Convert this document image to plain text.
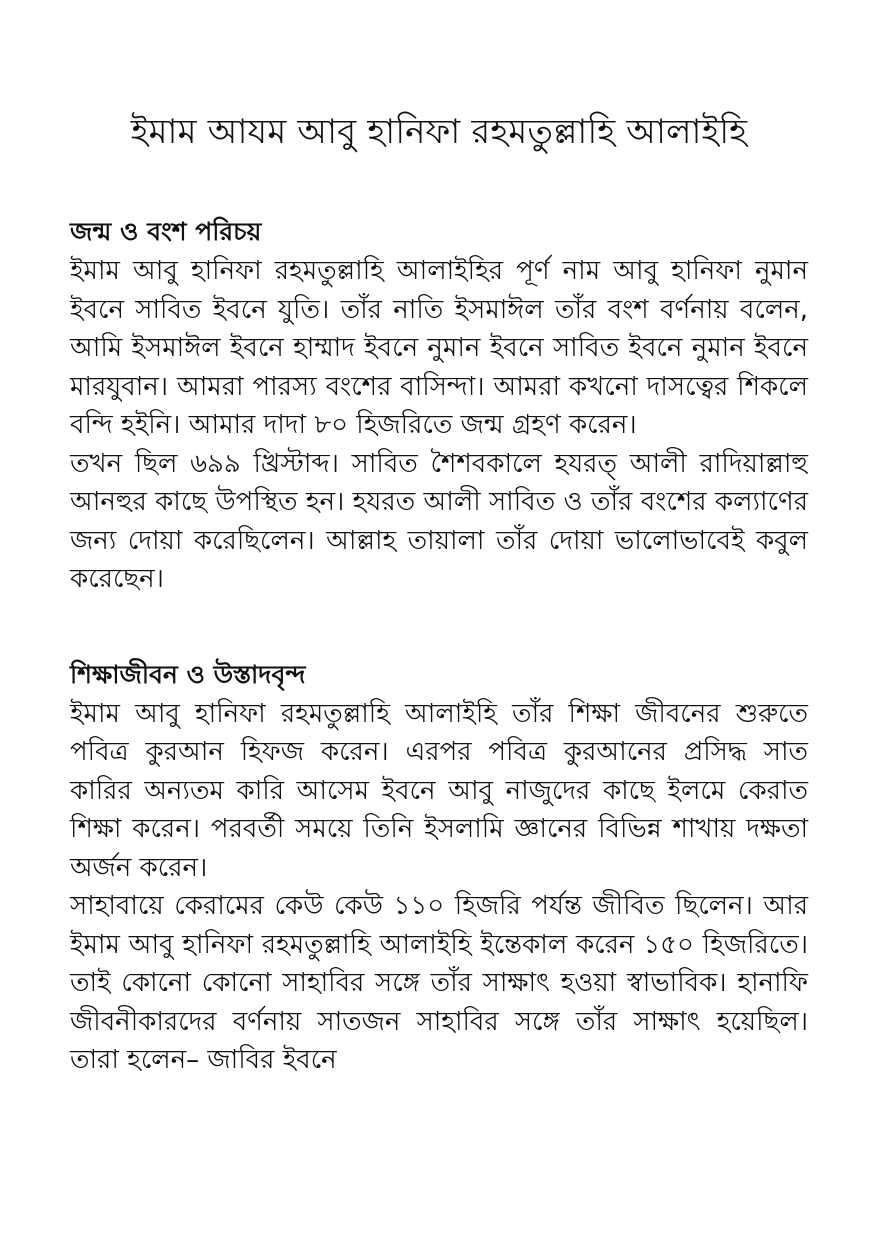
ইমাম আযম আবু হানিফা রহমতুল্লাহি আলাইহি
জন্ম ও বংশ পরিচয়

ইমাম আবু হানিফা রহমতুল্লাহি আলাইহির পূর্ণ নাম আবু হানিফা নুমান ইবনে সাবিত ইবনে যুতি। তাঁর নাতি ইসমাঈল তাঁর বংশ বর্ণনায় বলেন, আমি ইসমাঈল ইবনে হাম্মাদ ইবনে নুমান ইবনে সাবিত ইবনে নুমান ইবনে মারযুবান। আমরা পারস্য বংশের বাসিন্দা। আমরা কখনো দাসত্বের শিকলে বন্দি হইনি। আমার দাদা ৮০ হিজরিতে জন্ম গ্রহণ করেন।

তখন ছিল ৬৯৯ খ্রিস্টাব্দ। সাবিত শৈশবকালে হযরত্ আলী রাদিয়াল্লাহু আনহুর কাছে উপস্থিত হন। হযরত আলী সাবিত ও তাঁর বংশের কল্যাণের জন্য দোয়া করেছিলেন। আল্লাহ তায়ালা তাঁর দোয়া ভালোভাবেই কবুল করেছেন।

শিক্ষাজীবন ও উস্তাদবৃন্দ

ইমাম আবু হানিফা রহমতুল্লাহি আলাইহি তাঁর শিক্ষা জীবনের শুরুতে পবিত্র কুরআন হিফজ করেন। এরপর পবিত্র কুরআনের প্রসিদ্ধ সাত কারির অন্যতম কারি আসেম ইবনে আবু নাজুদের কাছে ইলমে কেরাত শিক্ষা করেন। পরবর্তী সময়ে তিনি ইসলামি জ্ঞানের বিভিন্ন শাখায় দক্ষতা অর্জন করেন।

সাহাবায়ে কেরামের কেউ কেউ ১১০ হিজরি পর্যন্ত জীবিত ছিলেন। আর ইমাম আবু হানিফা রহমতুল্লাহি আলাইহি ইন্তেকাল করেন ১৫০ হিজরিতে। তাই কোনো কোনো সাহাবির সঙ্গে তাঁর সাক্ষাৎ হওয়া স্বাভাবিক। হানাফি জীবনীকারদের বর্ণনায় সাতজন সাহাবির সঙ্গে তাঁর সাক্ষাৎ হয়েছিল। তারা হলেন– জাবির ইবনে
